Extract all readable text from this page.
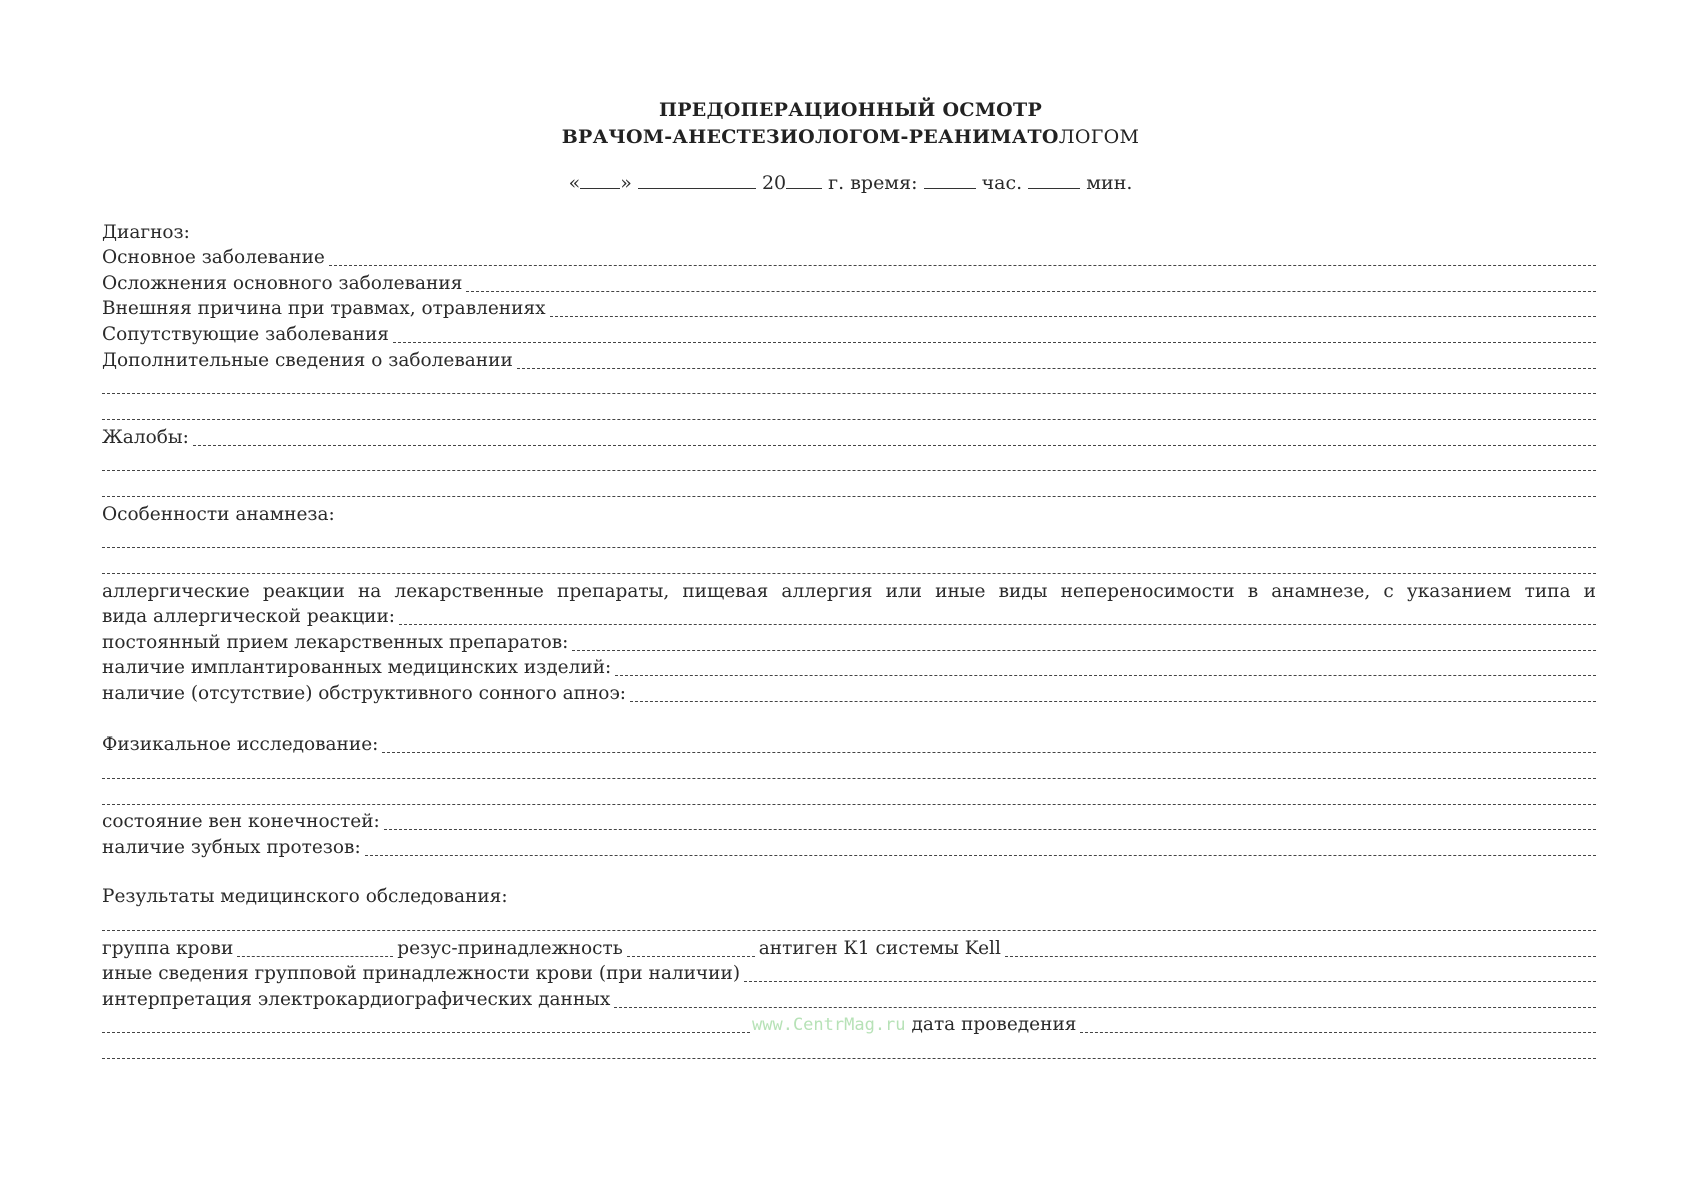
ПРЕДОПЕРАЦИОННЫЙ ОСМОТР
ВРАЧОМ-АНЕСТЕЗИОЛОГОМ-РЕАНИМАТОЛОГОМ
« »	20 г. время:	час.	мин.
Диагноз:
Основное заболевание
Осложнения основного заболевания
Внешняя причина при травмах, отравлениях
Сопутствующие заболевания
Дополнительные сведения о заболевании
Жалобы:
Особенности анамнеза:
аллергические реакции на лекарственные препараты, пищевая аллергия или иные виды непереносимости в анамнезе, с указанием типа и
вида аллергической реакции:
постоянный прием лекарственных препаратов:
наличие имплантированных медицинских изделий:
наличие (отсутствие) обструктивного сонного апноэ:
Физикальное исследование:
состояние вен конечностей:
наличие зубных протезов:
Результаты медицинского обследования:
группа крови	резус-принадлежность	антиген К1 системы Kell
иные сведения групповой принадлежности крови (при наличии)
интерпретация электрокардиографических данных
www.CentrMag.ru дата проведения
